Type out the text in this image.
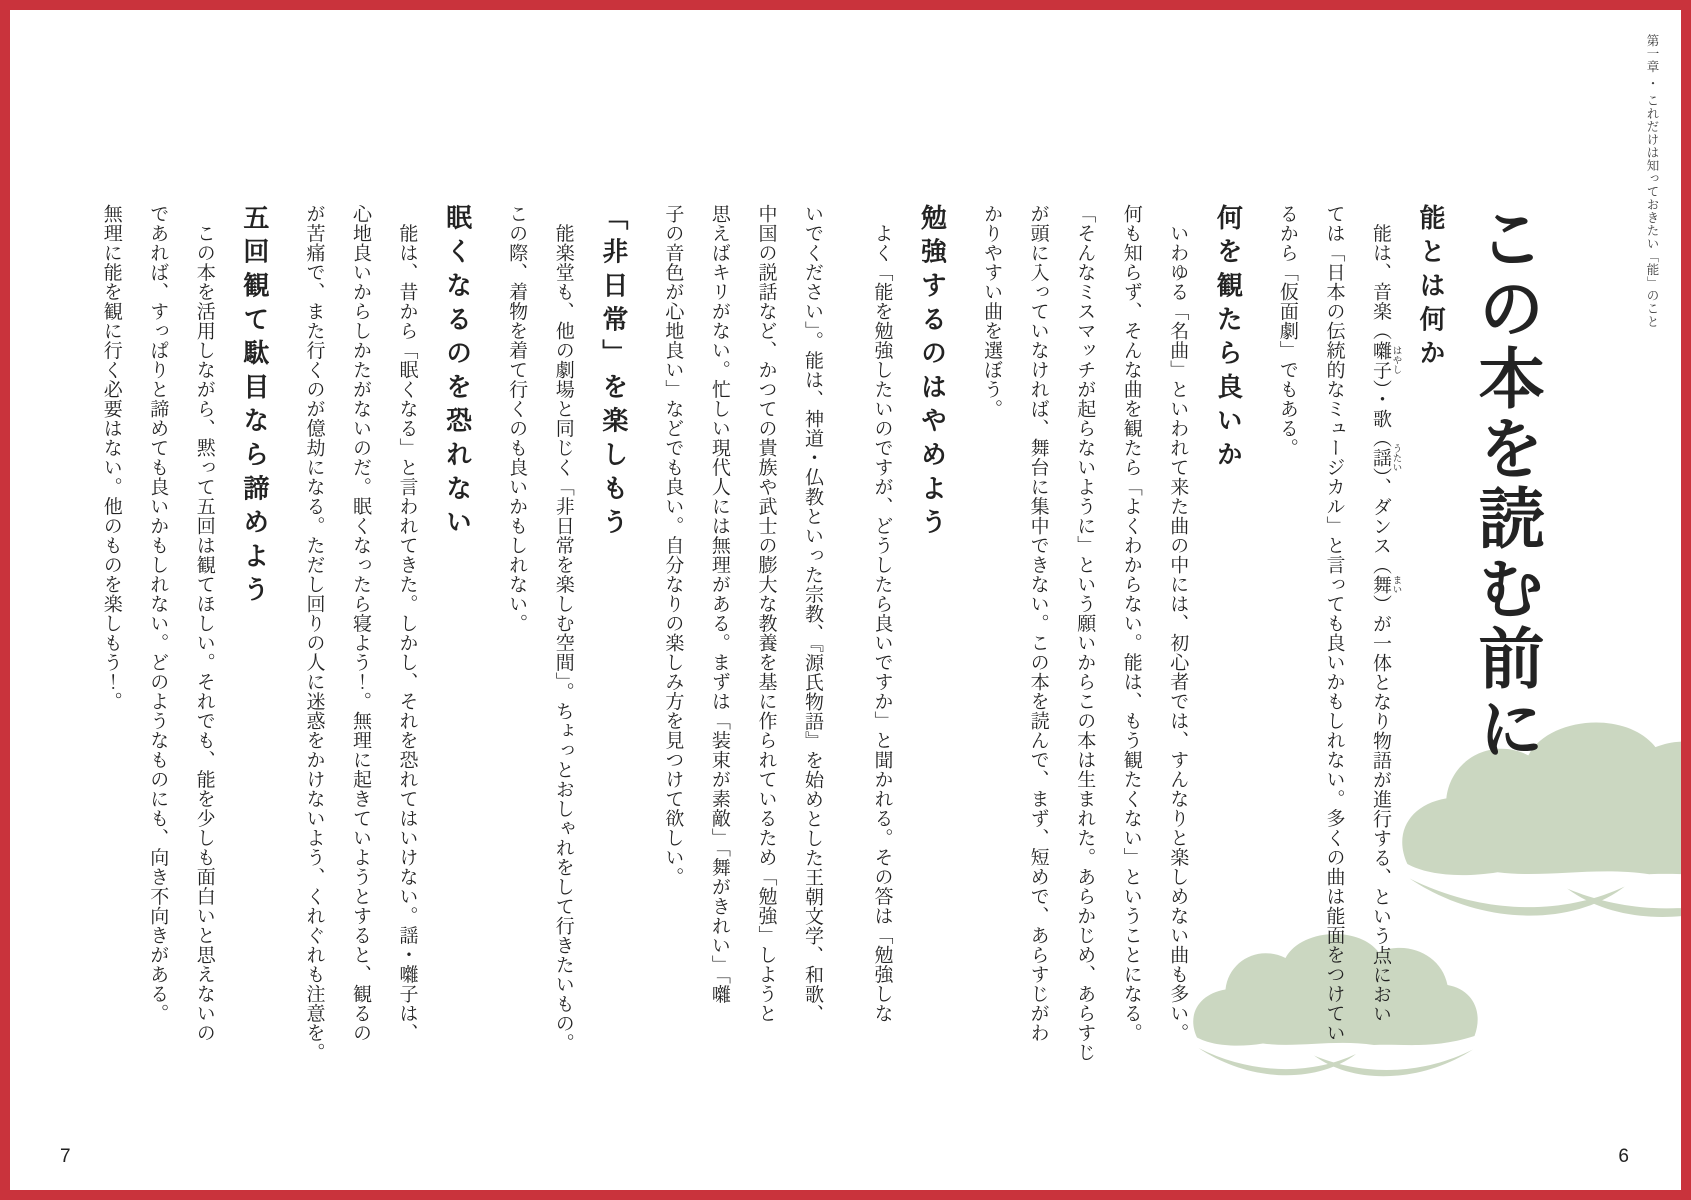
第一章 ・ これだけは知っておきたい「能」のこと
この本を読む前に
能とは何か

　能は、音楽（囃子 はやし）・歌（謡 うたい）、ダンス（舞 まい）が一体となり物語が進行する、という点におい
ては「日本の伝統的なミュージカル」と言っても良いかもしれない。多くの曲は能面をつけてい
るから「仮面劇」でもある。

何を観たら良いか

　いわゆる「名曲」といわれて来た曲の中には、初心者では、すんなりと楽しめない曲も多い。
何も知らず、そんな曲を観たら「よくわからない。能は、もう観たくない」ということになる。
「そんなミスマッチが起らないように」という願いからこの本は生まれた。あらかじめ、あらすじ
が頭に入っていなければ、舞台に集中できない。この本を読んで、まず、短めで、あらすじがわ
かりやすい曲を選ぼう。

勉強するのはやめよう

　よく「能を勉強したいのですが、どうしたら良いですか」と聞かれる。その答は「勉強しな

いでください」。能は、神道・仏教といった宗教、『源氏物語』を始めとした王朝文学、和歌、
中国の説話など、かつての貴族や武士の膨大な教養を基に作られているため「勉強」しようと
思えばキリがない。忙しい現代人には無理がある。まずは「装束が素敵」「舞がきれい」「囃
子の音色が心地良い」などでも良い。自分なりの楽しみ方を見つけて欲しい。

「非日常」を楽しもう

　能楽堂も、他の劇場と同じく「非日常を楽しむ空間」。ちょっとおしゃれをして行きたいもの。
この際、着物を着て行くのも良いかもしれない。

眠くなるのを恐れない

　能は、昔から「眠くなる」と言われてきた。しかし、それを恐れてはいけない。謡・囃子は、
心地良いからしかたがないのだ。眠くなったら寝よう！。無理に起きていようとすると、観るの
が苦痛で、また行くのが億劫になる。ただし回りの人に迷惑をかけないよう、くれぐれも注意を。

五回観て駄目なら諦めよう

　この本を活用しながら、黙って五回は観てほしい。それでも、能を少しも面白いと思えないの
であれば、すっぱりと諦めても良いかもしれない。どのようなものにも、向き不向きがある。
無理に能を観に行く必要はない。他のものを楽しもう！。

7	6
